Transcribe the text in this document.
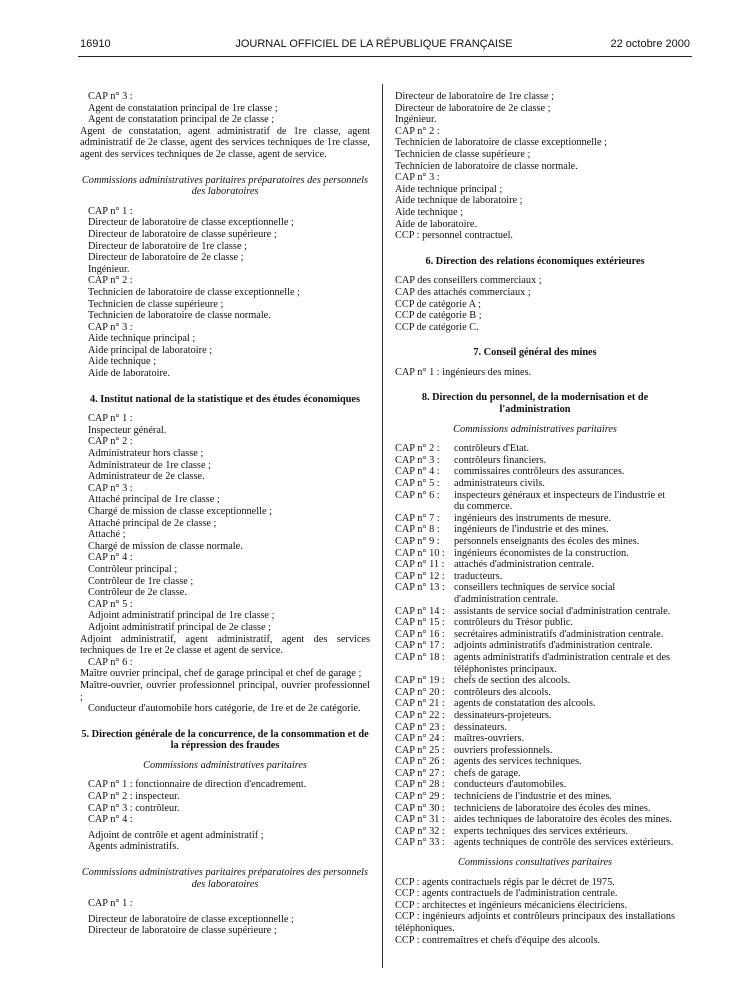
16910	JOURNAL OFFICIEL DE LA RÉPUBLIQUE FRANÇAISE	22 octobre 2000

CAP n° 3 :

Agent de constatation principal de 1re classe ;

Agent de constatation principal de 2e classe ;

Agent de constatation, agent administratif de 1re classe, agent administratif de 2e classe, agent des services techniques de 1re classe, agent des services techniques de 2e classe, agent de service.

Commissions administratives paritaires préparatoires des personnels des laboratoires

CAP n° 1 :

Directeur de laboratoire de classe exceptionnelle ;

Directeur de laboratoire de classe supérieure ;

Directeur de laboratoire de 1re classe ;

Directeur de laboratoire de 2e classe ;

Ingénieur.

CAP n° 2 :

Technicien de laboratoire de classe exceptionnelle ;

Technicien de classe supérieure ;

Technicien de laboratoire de classe normale.

CAP n° 3 :

Aide technique principal ;

Aide principal de laboratoire ;

Aide technique ;

Aide de laboratoire.

4. Institut national de la statistique et des études économiques

CAP n° 1 :

Inspecteur général.

CAP n° 2 :

Administrateur hors classe ;

Administrateur de 1re classe ;

Administrateur de 2e classe.

CAP n° 3 :

Attaché principal de 1re classe ;

Chargé de mission de classe exceptionnelle ;

Attaché principal de 2e classe ;

Attaché ;

Chargé de mission de classe normale.

CAP n° 4 :

Contrôleur principal ;

Contrôleur de 1re classe ;

Contrôleur de 2e classe.

CAP n° 5 :

Adjoint administratif principal de 1re classe ;

Adjoint administratif principal de 2e classe ;

Adjoint administratif, agent administratif, agent des services techniques de 1re et 2e classe et agent de service.

CAP n° 6 :

Maître ouvrier principal, chef de garage principal et chef de garage ;

Maître-ouvrier, ouvrier professionnel principal, ouvrier professionnel ;

Conducteur d'automobile hors catégorie, de 1re et de 2e catégorie.

5. Direction générale de la concurrence, de la consommation et de la répression des fraudes

Commissions administratives paritaires

CAP n° 1 : fonctionnaire de direction d'encadrement.

CAP n° 2 : inspecteur.

CAP n° 3 : contrôleur.

CAP n° 4 :

Adjoint de contrôle et agent administratif ;

Agents administratifs.

Commissions administratives paritaires préparatoires des personnels des laboratoires

CAP n° 1 :

Directeur de laboratoire de classe exceptionnelle ;

Directeur de laboratoire de classe supérieure ;

Directeur de laboratoire de 1re classe ;

Directeur de laboratoire de 2e classe ;

Ingénieur.

CAP n° 2 :

Technicien de laboratoire de classe exceptionnelle ;

Technicien de classe supérieure ;

Technicien de laboratoire de classe normale.

CAP n° 3 :

Aide technique principal ;

Aide technique de laboratoire ;

Aide technique ;

Aide de laboratoire.

CCP : personnel contractuel.

6. Direction des relations économiques extérieures

CAP des conseillers commerciaux ;

CAP des attachés commerciaux ;

CCP de catégorie A ;

CCP de catégorie B ;

CCP de catégorie C.

7. Conseil général des mines

CAP n° 1 : ingénieurs des mines.

8. Direction du personnel, de la modernisation et de l'administration

Commissions administratives paritaires

CAP n° 2 :	contrôleurs d'Etat.
CAP n° 3 :	contrôleurs financiers.
CAP n° 4 :	commissaires contrôleurs des assurances.
CAP n° 5 :	administrateurs civils.
CAP n° 6 :	inspecteurs généraux et inspecteurs de l'industrie et du commerce.
CAP n° 7 :	ingénieurs des instruments de mesure.
CAP n° 8 :	ingénieurs de l'industrie et des mines.
CAP n° 9 :	personnels enseignants des écoles des mines.
CAP n° 10 : ingénieurs économistes de la construction.
CAP n° 11 : attachés d'administration centrale.
CAP n° 12 : traducteurs.
CAP n° 13 : conseillers techniques de service social d'administration centrale.
CAP n° 14 : assistants de service social d'administration centrale.
CAP n° 15 : contrôleurs du Trésor public.
CAP n° 16 : secrétaires administratifs d'administration centrale.
CAP n° 17 : adjoints administratifs d'administration centrale.
CAP n° 18 : agents administratifs d'administration centrale et des téléphonistes principaux.
CAP n° 19 : chefs de section des alcools.
CAP n° 20 : contrôleurs des alcools.
CAP n° 21 : agents de constatation des alcools.
CAP n° 22 : dessinateurs-projeteurs.
CAP n° 23 : dessinateurs.
CAP n° 24 : maîtres-ouvriers.
CAP n° 25 : ouvriers professionnels.
CAP n° 26 : agents des services techniques.
CAP n° 27 : chefs de garage.
CAP n° 28 : conducteurs d'automobiles.
CAP n° 29 : techniciens de l'industrie et des mines.
CAP n° 30 : techniciens de laboratoire des écoles des mines.
CAP n° 31 : aides techniques de laboratoire des écoles des mines.
CAP n° 32 : experts techniques des services extérieurs.
CAP n° 33 : agents techniques de contrôle des services extérieurs.

Commissions consultatives paritaires

CCP : agents contractuels régis par le décret de 1975.

CCP : agents contractuels de l'administration centrale.

CCP : architectes et ingénieurs mécaniciens électriciens.

CCP : ingénieurs adjoints et contrôleurs principaux des installations téléphoniques.

CCP : contremaîtres et chefs d'équipe des alcools.
